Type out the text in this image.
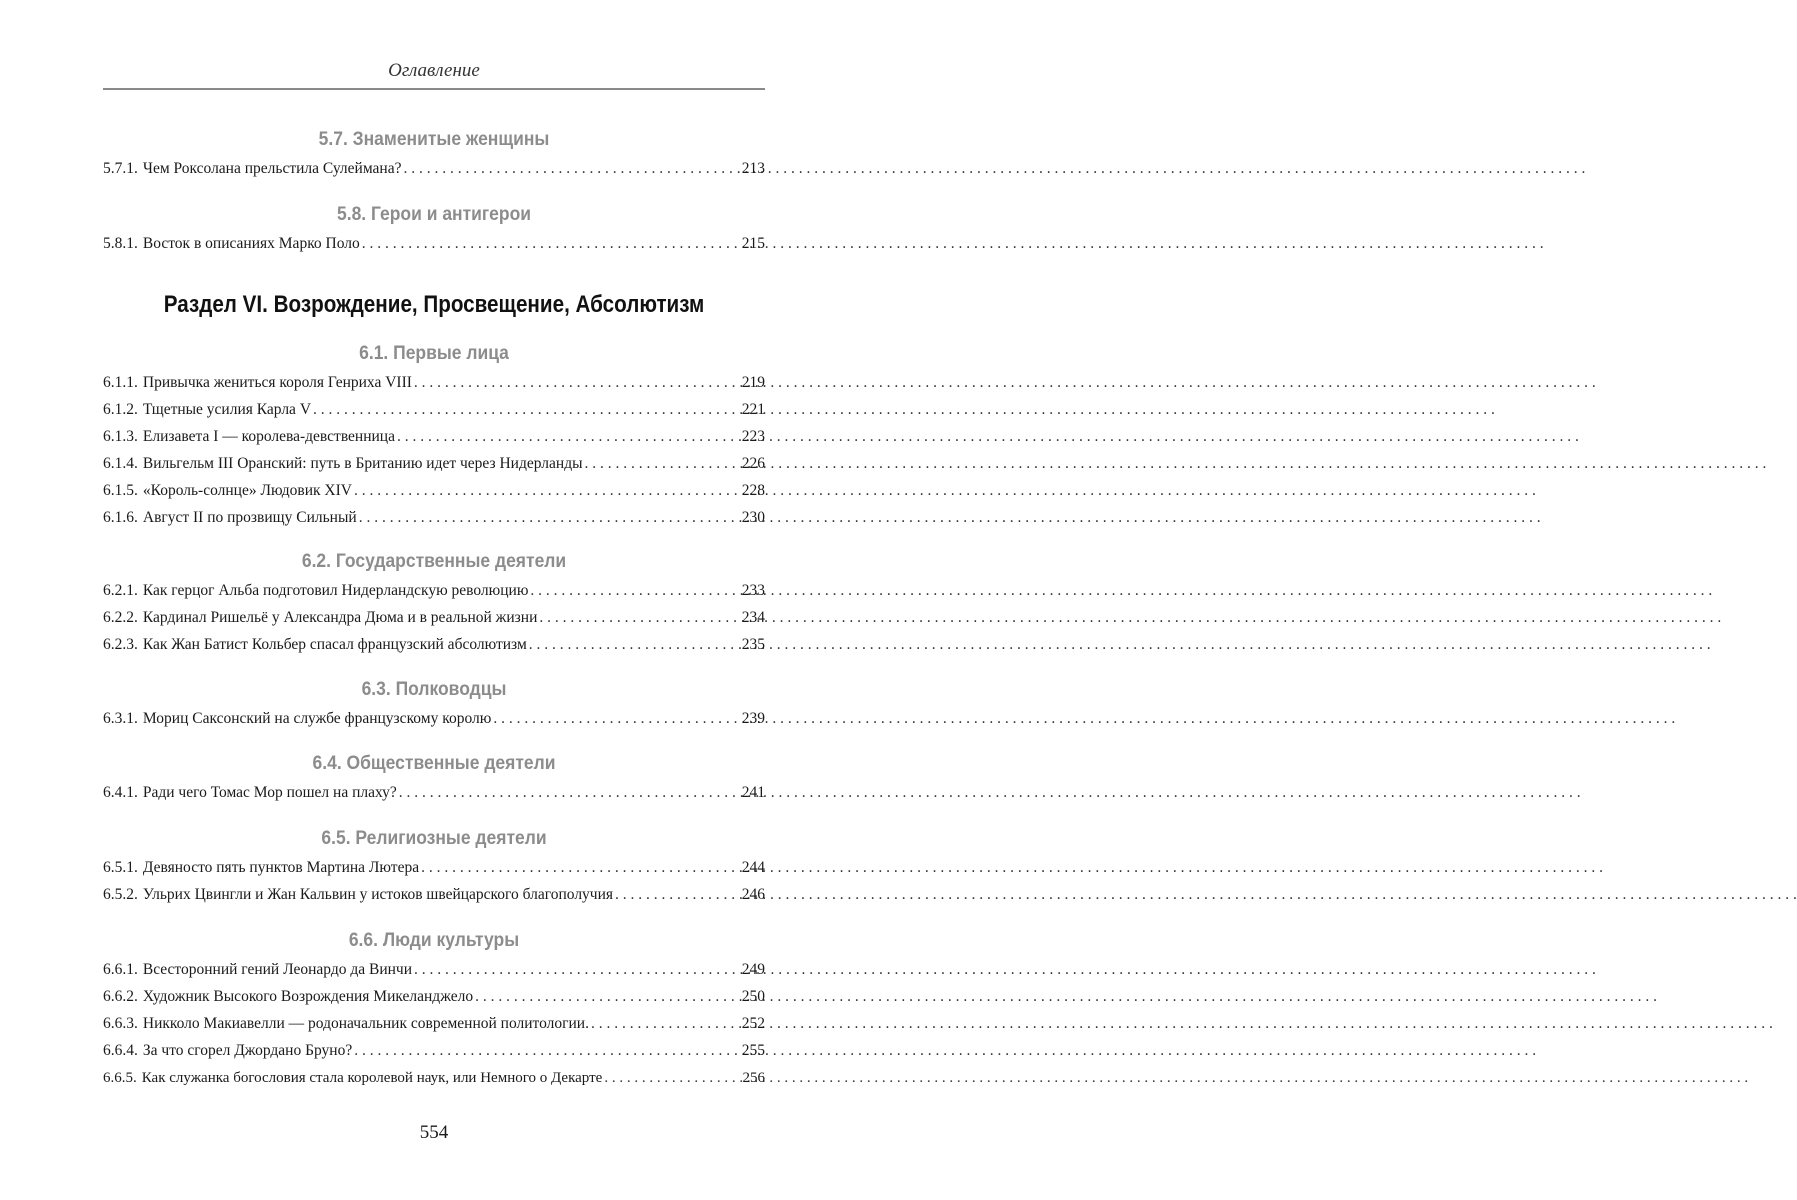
Оглавление
5.7. Знаменитые женщины
5.7.1. Чем Роксолана прельстила Сулеймана? . . .	213
5.8. Герои и антигерои
5.8.1. Восток в описаниях Марко Поло . . .	215
Раздел VI. Возрождение, Просвещение, Абсолютизм
6.1. Первые лица
6.1.1. Привычка жениться короля Генриха VIII . . .	219
6.1.2. Тщетные усилия Карла V . . .	221
6.1.3. Елизавета I — королева-девственница . . .	223
6.1.4. Вильгельм III Оранский: путь в Британию идет через Нидерланды . . .	226
6.1.5. «Король-солнце» Людовик XIV . . .	228
6.1.6. Август II по прозвищу Сильный . . .	230
6.2. Государственные деятели
6.2.1. Как герцог Альба подготовил Нидерландскую революцию . . .	233
6.2.2. Кардинал Ришельё у Александра Дюма и в реальной жизни . . .	234
6.2.3. Как Жан Батист Кольбер спасал французский абсолютизм . . .	235
6.3. Полководцы
6.3.1. Мориц Саксонский на службе французскому королю . . .	239
6.4. Общественные деятели
6.4.1. Ради чего Томас Мор пошел на плаху? . . .	241
6.5. Религиозные деятели
6.5.1. Девяносто пять пунктов Мартина Лютера . . .	244
6.5.2. Ульрих Цвингли и Жан Кальвин у истоков швейцарского благополучия . . .	246
6.6. Люди культуры
6.6.1. Всесторонний гений Леонардо да Винчи . . .	249
6.6.2. Художник Высокого Возрождения Микеланджело . . .	250
6.6.3. Никколо Макиавелли — родоначальник современной политологии. . . .	252
6.6.4. За что сгорел Джордано Бруно? . . .	255
6.6.5. Как служанка богословия стала королевой наук, или Немного о Декарте . . .	256
554
